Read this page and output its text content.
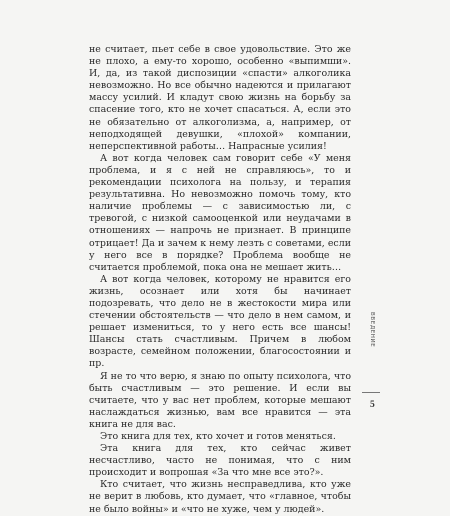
не считает, пьет себе в свое удовольствие. Это же не плохо, а ему-то хорошо, особенно «выпимши». И, да, из такой диспозиции «спасти» алкоголика невозможно. Но все обычно надеются и прилагают массу усилий. И кладут свою жизнь на борьбу за спасение того, кто не хочет спасаться. А, если это не обязательно от алкоголизма, а, например, от неподходящей девушки, «плохой» компании, неперспективной работы… Напрасные усилия!

А вот когда человек сам говорит себе «У меня проблема, и я с ней не справляюсь», то и рекомендации психолога на пользу, и терапия результативна. Но невозможно помочь тому, кто наличие проблемы — с зависимостью ли, с тревогой, с низкой самооценкой или неудачами в отношениях — напрочь не признает. В принципе отрицает! Да и зачем к нему лезть с советами, если у него все в порядке? Проблема вообще не считается проблемой, пока она не мешает жить…

А вот когда человек, которому не нравится его жизнь, осознает или хотя бы начинает подозревать, что дело не в жестокости мира или стечении обстоятельств — что дело в нем самом, и решает измениться, то у него есть все шансы! Шансы стать счастливым. Причем в любом возрасте, семейном положении, благосостоянии и пр.

Я не то что верю, я знаю по опыту психолога, что быть счастливым — это решение. И если вы считаете, что у вас нет проблем, которые мешают наслаждаться жизнью, вам все нравится — эта книга не для вас.

Это книга для тех, кто хочет и готов меняться.

Эта книга для тех, кто сейчас живет несчастливо, часто не понимая, что с ним происходит и вопрошая «За что мне все это?».

Кто считает, что жизнь несправедлива, кто уже не верит в любовь, кто думает, что «главное, чтобы не было войны» и «что не хуже, чем у людей».

ВВЕДЕНИЕ
5
